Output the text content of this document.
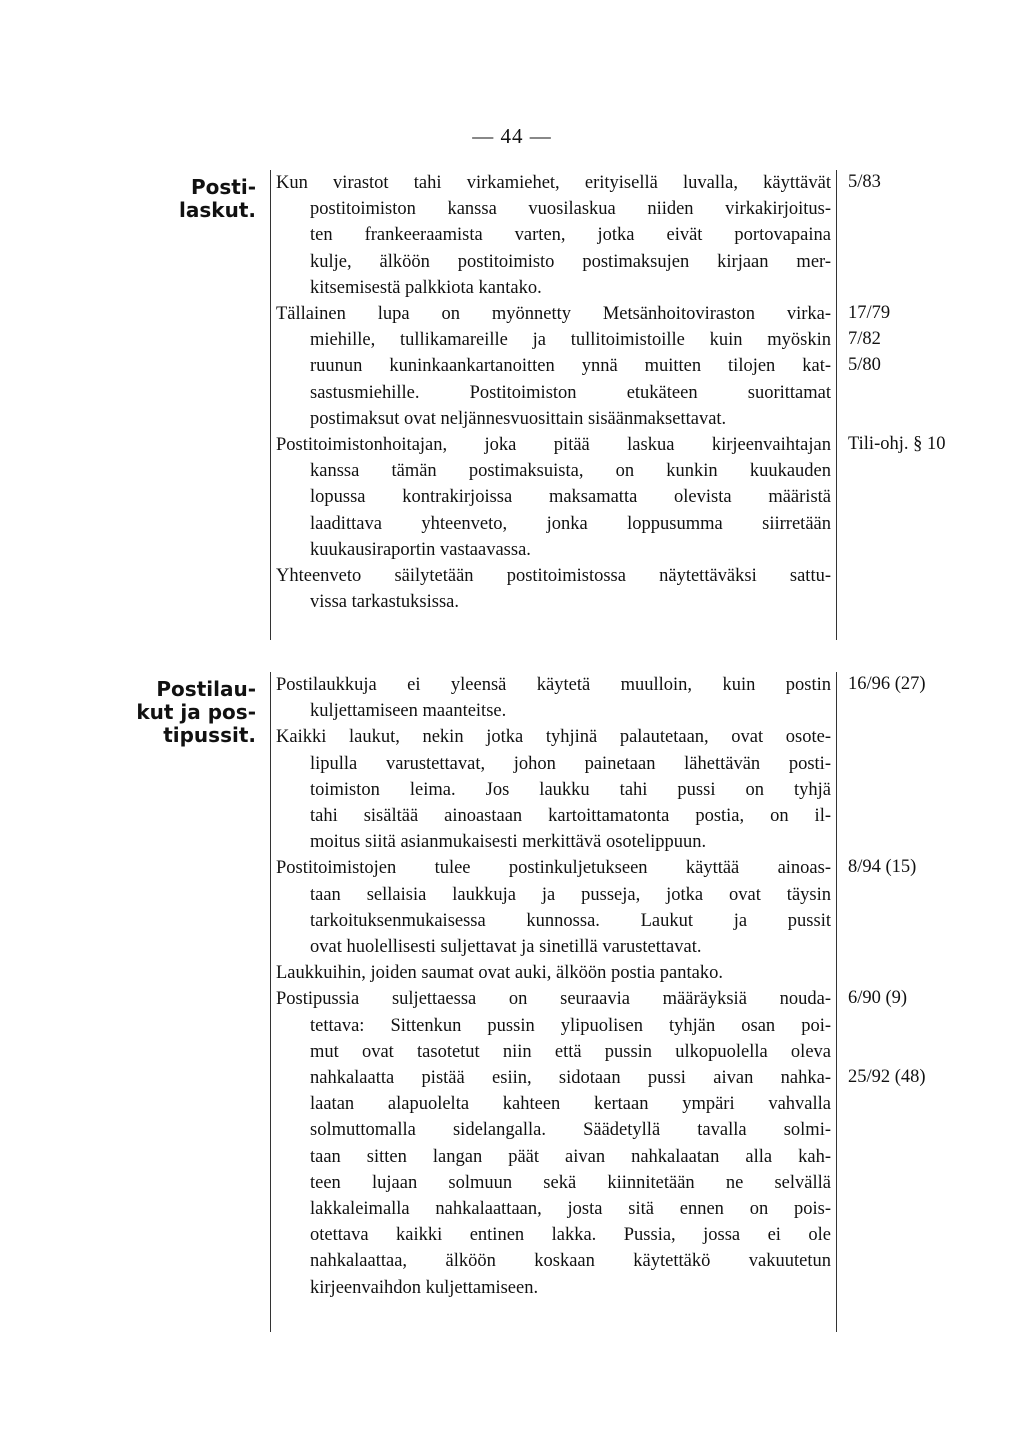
— 44 —
Posti-
laskut.
Kun virastot tahi virkamiehet, erityisellä luvalla, käyttävät
postitoimiston kanssa vuosilaskua niiden virkakirjoitus-
ten frankeeraamista varten, jotka eivät portovapaina
kulje, älköön postitoimisto postimaksujen kirjaan mer-
kitsemisestä palkkiota kantako.
Tällainen lupa on myönnetty Metsänhoitoviraston virka-
miehille, tullikamareille ja tullitoimistoille kuin myöskin
ruunun kuninkaankartanoitten ynnä muitten tilojen kat-
sastusmiehille. Postitoimiston etukäteen suorittamat
postimaksut ovat neljännesvuosittain sisäänmaksettavat.
Postitoimistonhoitajan, joka pitää laskua kirjeenvaihtajan
kanssa tämän postimaksuista, on kunkin kuukauden
lopussa kontrakirjoissa maksamatta olevista määristä
laadittava yhteenveto, jonka loppusumma siirretään
kuukausiraportin vastaavassa.
Yhteenveto säilytetään postitoimistossa näytettäväksi sattu-
vissa tarkastuksissa.
5/83
17/79
7/82
5/80
Tili-ohj. § 10
Postilau-
kut ja pos-
tipussit.
Postilaukkuja ei yleensä käytetä muulloin, kuin postin
kuljettamiseen maanteitse.
Kaikki laukut, nekin jotka tyhjinä palautetaan, ovat osote-
lipulla varustettavat, johon painetaan lähettävän posti-
toimiston leima. Jos laukku tahi pussi on tyhjä
tahi sisältää ainoastaan kartoittamatonta postia, on il-
moitus siitä asianmukaisesti merkittävä osotelippuun.
Postitoimistojen tulee postinkuljetukseen käyttää ainoas-
taan sellaisia laukkuja ja pusseja, jotka ovat täysin
tarkoituksenmukaisessa kunnossa. Laukut ja pussit
ovat huolellisesti suljettavat ja sinetillä varustettavat.
Laukkuihin, joiden saumat ovat auki, älköön postia pantako.
Postipussia suljettaessa on seuraavia määräyksiä nouda-
tettava: Sittenkun pussin ylipuolisen tyhjän osan poi-
mut ovat tasotetut niin että pussin ulkopuolella oleva
nahkalaatta pistää esiin, sidotaan pussi aivan nahka-
laatan alapuolelta kahteen kertaan ympäri vahvalla
solmuttomalla sidelangalla. Säädetyllä tavalla solmi-
taan sitten langan päät aivan nahkalaatan alla kah-
teen lujaan solmuun sekä kiinnitetään ne selvällä
lakkaleimalla nahkalaattaan, josta sitä ennen on pois-
otettava kaikki entinen lakka. Pussia, jossa ei ole
nahkalaattaa, älköön koskaan käytettäkö vakuutetun
kirjeenvaihdon kuljettamiseen.
16/96 (27)
8/94 (15)
6/90 (9)
25/92 (48)
